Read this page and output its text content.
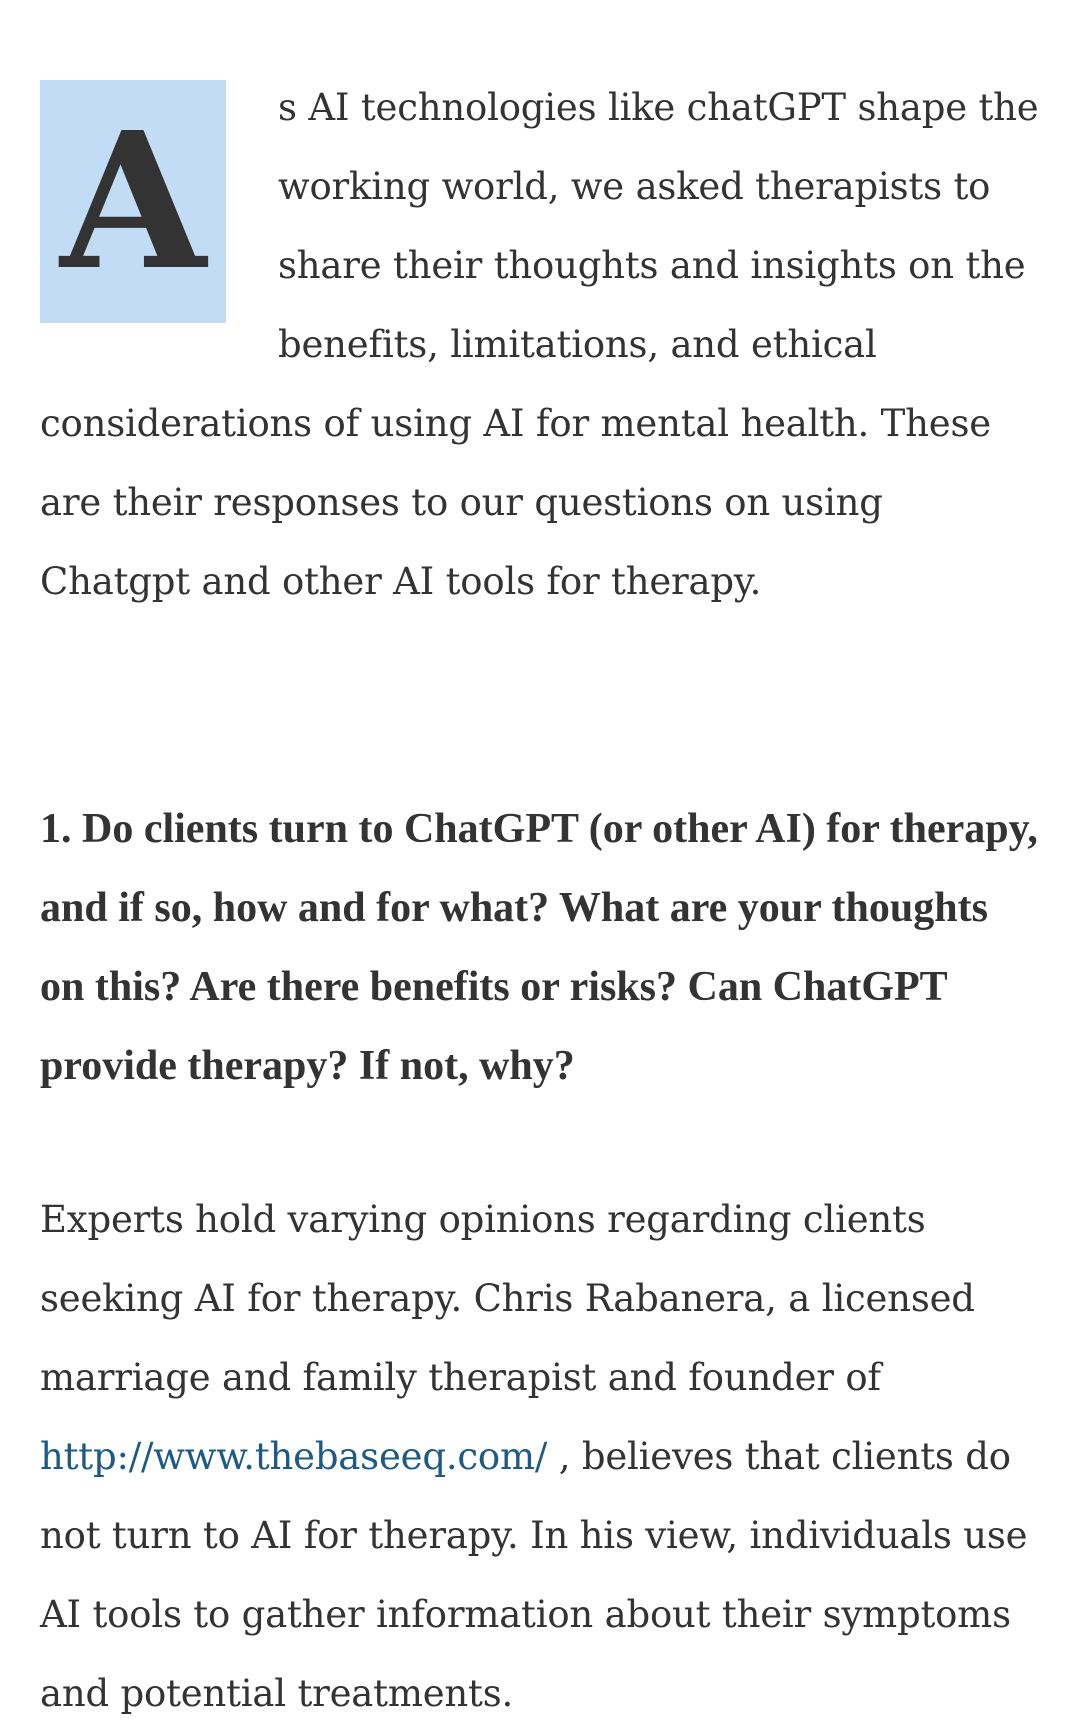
A	s AI technologies like chatGPT shape the working world, we asked therapists to share their thoughts and insights on the benefits, limitations, and ethical considerations of using AI for mental health. These are their responses to our questions on using Chatgpt and other AI tools for therapy.

1. Do clients turn to ChatGPT (or other AI) for therapy, and if so, how and for what? What are your thoughts on this? Are there benefits or risks? Can ChatGPT provide therapy? If not, why?

Experts hold varying opinions regarding clients seeking AI for therapy. Chris Rabanera, a licensed marriage and family therapist and founder of http://www.thebaseeq.com/ , believes that clients do not turn to AI for therapy. In his view, individuals use AI tools to gather information about their symptoms and potential treatments.
